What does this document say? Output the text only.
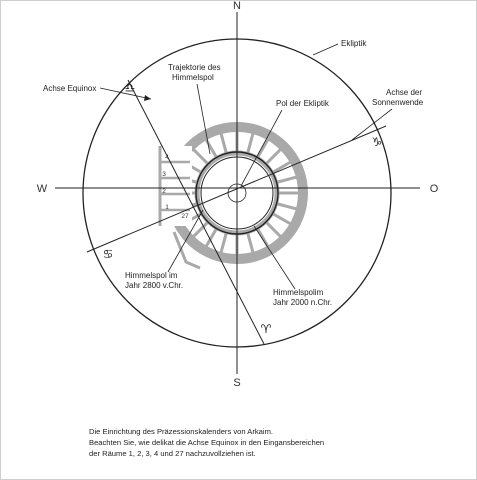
N
S
W	O
♎
♑
♋
♈
4
3
2
1
27
Ekliptik
Achse Equinox
Trajektorie des
Himmelspol
Pol der Ekliptik
Achse der
Sonnenwende
Himmelspol im
Jahr 2800 v.Chr.
Himmelspolim
Jahr 2000 n.Chr.
Die Einrichtung des Präzessionskalenders von Arkaim.
Beachten Sie, wie delikat die Achse Equinox in den Eingansbereichen
der Räume 1, 2, 3, 4 und 27 nachzuvollziehen ist.
